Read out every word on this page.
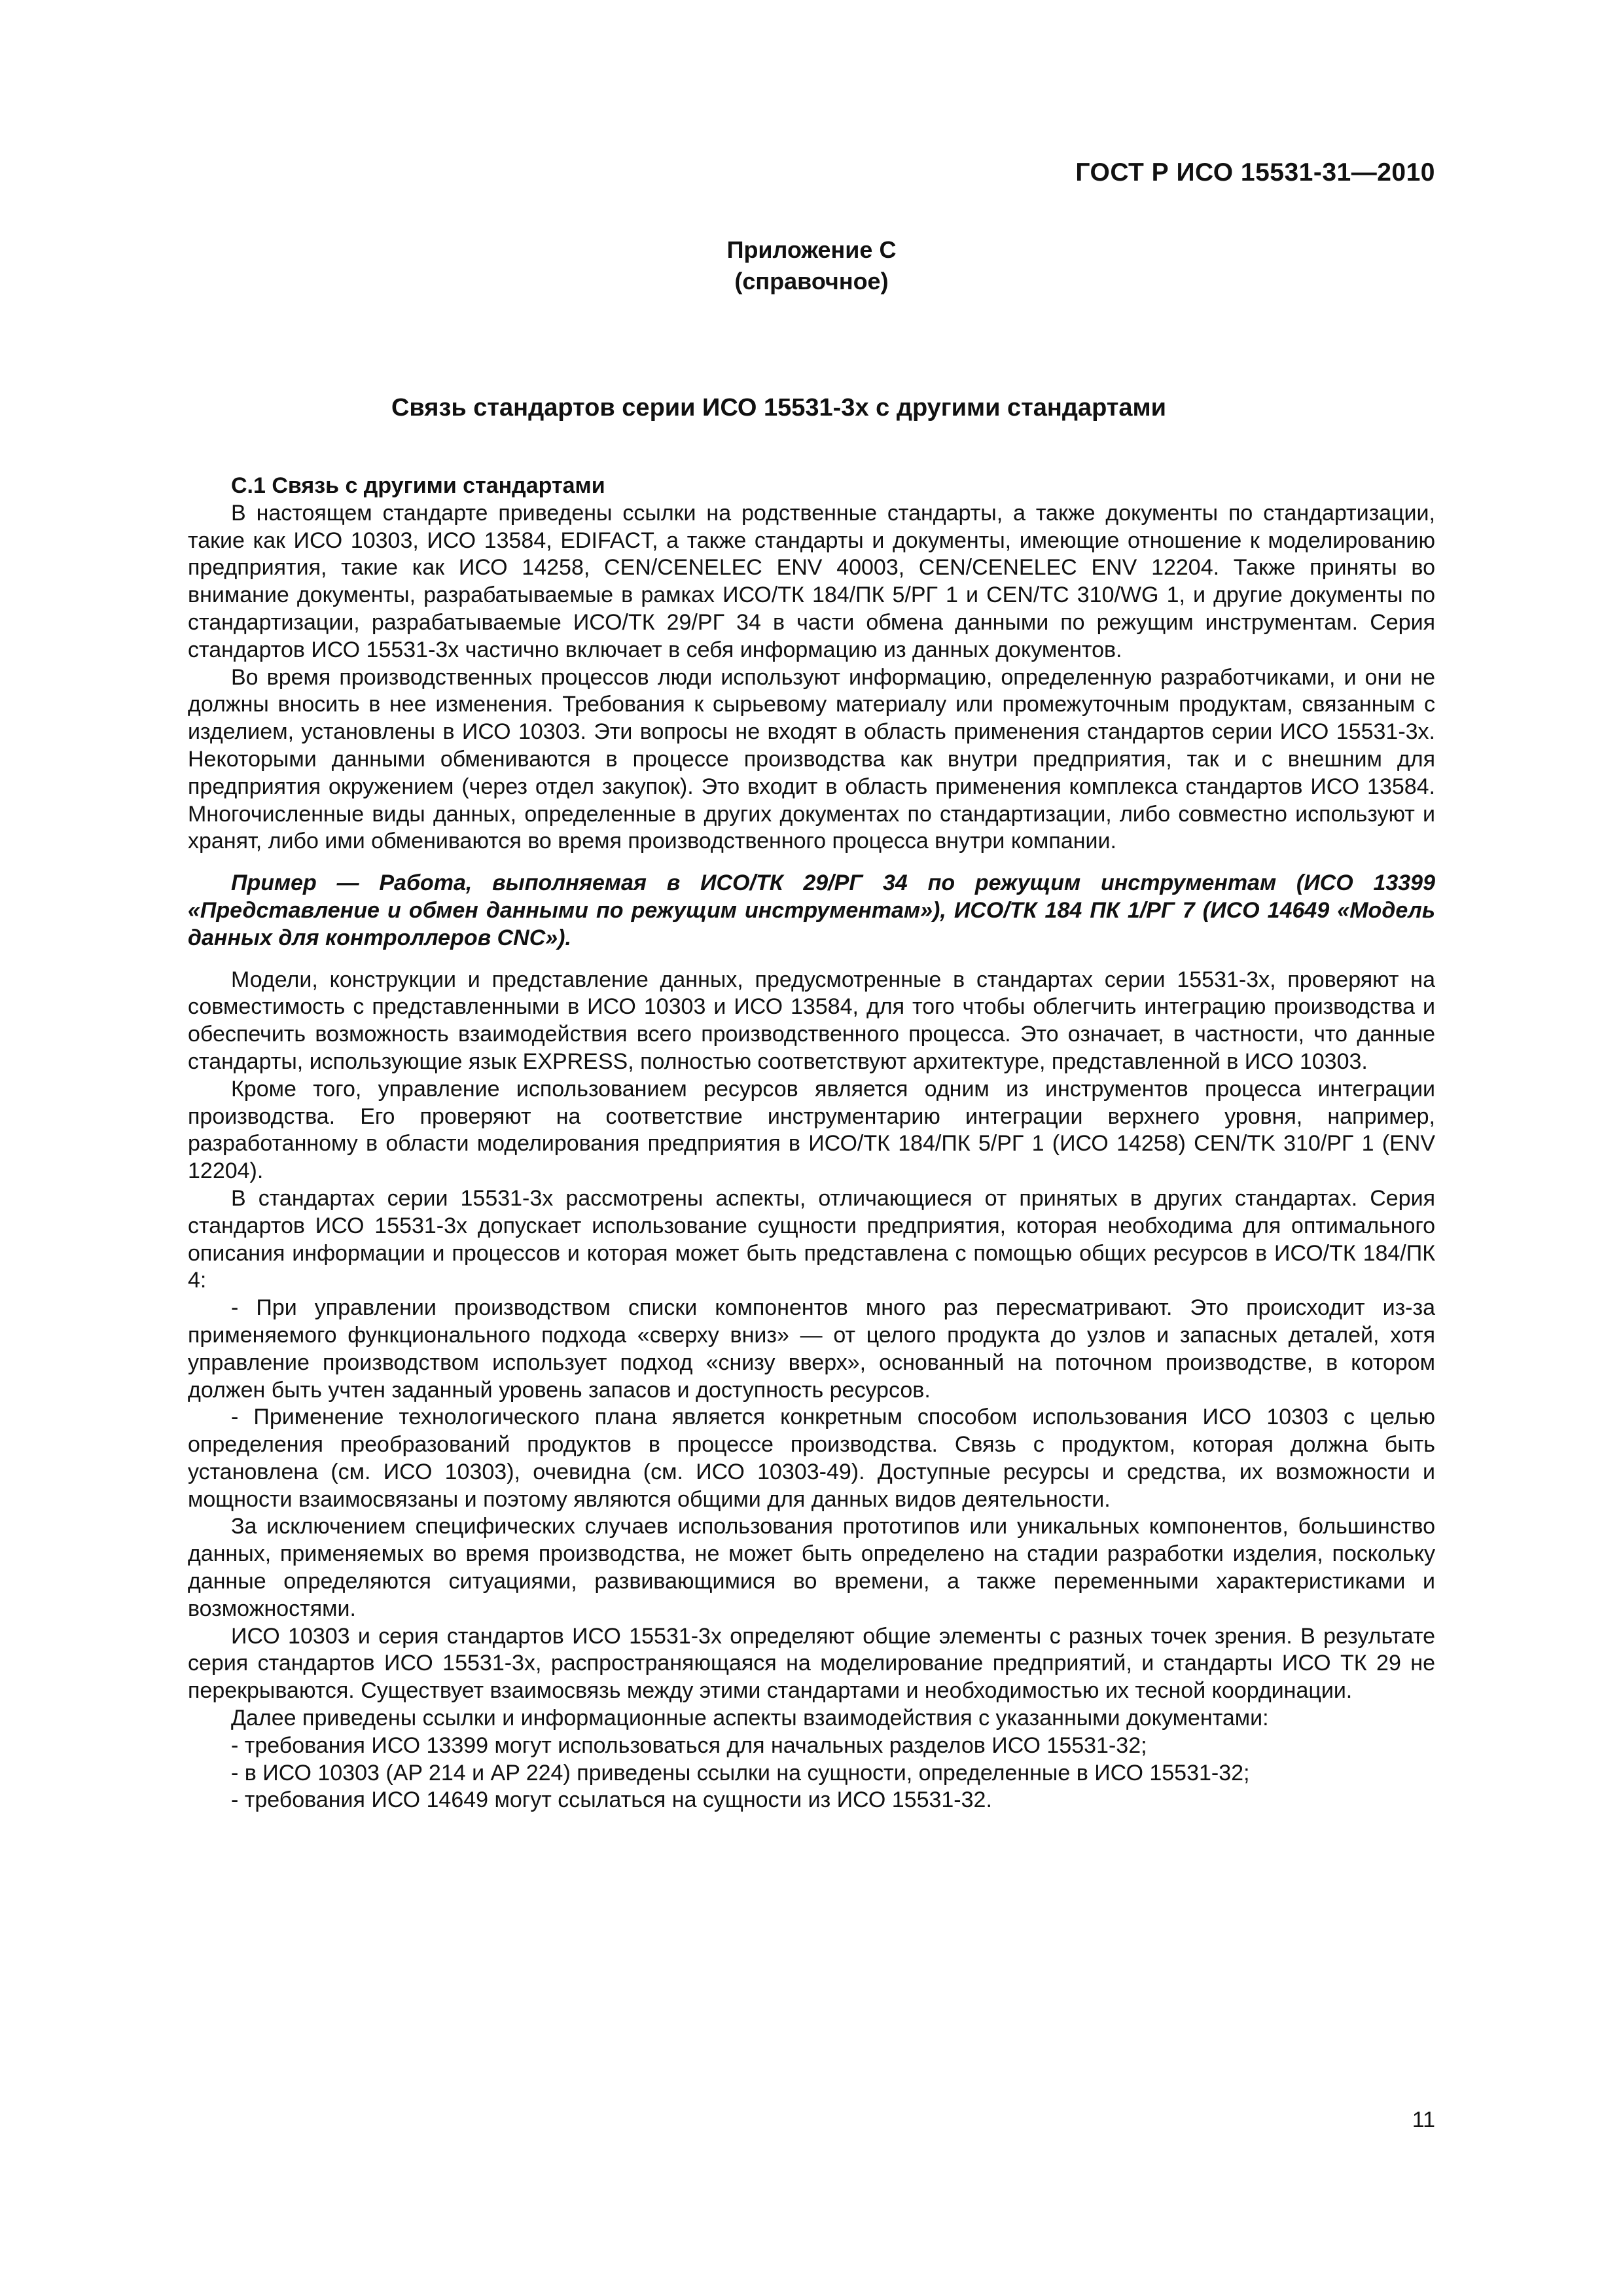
ГОСТ Р ИСО 15531-31—2010
Приложение С
(справочное)
Связь стандартов серии ИСО 15531-3х с другими стандартами

С.1 Связь с другими стандартами

В настоящем стандарте приведены ссылки на родственные стандарты, а также документы по стандартизации, такие как ИСО 10303, ИСО 13584, EDIFACT, а также стандарты и документы, имеющие отношение к моделированию предприятия, такие как ИСО 14258, CEN/CENELEC ENV 40003, CEN/CENELEC ENV 12204. Также приняты во внимание документы, разрабатываемые в рамках ИСО/ТК 184/ПК 5/РГ 1 и CEN/TC 310/WG 1, и другие документы по стандартизации, разрабатываемые ИСО/ТК 29/РГ 34 в части обмена данными по режущим инструментам. Серия стандартов ИСО 15531-3х частично включает в себя информацию из данных документов.

Во время производственных процессов люди используют информацию, определенную разработчиками, и они не должны вносить в нее изменения. Требования к сырьевому материалу или промежуточным продуктам, связанным с изделием, установлены в ИСО 10303. Эти вопросы не входят в область применения стандартов серии ИСО 15531-3х. Некоторыми данными обмениваются в процессе производства как внутри предприятия, так и с внешним для предприятия окружением (через отдел закупок). Это входит в область применения комплекса стандартов ИСО 13584. Многочисленные виды данных, определенные в других документах по стандартизации, либо совместно используют и хранят, либо ими обмениваются во время производственного процесса внутри компании.

Пример — Работа, выполняемая в ИСО/ТК 29/РГ 34 по режущим инструментам (ИСО 13399 «Представление и обмен данными по режущим инструментам»), ИСО/ТК 184 ПК 1/РГ 7 (ИСО 14649 «Модель данных для контроллеров CNC»).

Модели, конструкции и представление данных, предусмотренные в стандартах серии 15531-3х, проверяют на совместимость с представленными в ИСО 10303 и ИСО 13584, для того чтобы облегчить интеграцию производства и обеспечить возможность взаимодействия всего производственного процесса. Это означает, в частности, что данные стандарты, использующие язык EXPRESS, полностью соответствуют архитектуре, представленной в ИСО 10303.

Кроме того, управление использованием ресурсов является одним из инструментов процесса интеграции производства. Его проверяют на соответствие инструментарию интеграции верхнего уровня, например, разработанному в области моделирования предприятия в ИСО/ТК 184/ПК 5/РГ 1 (ИСО 14258) CEN/TK 310/РГ 1 (ENV 12204).

В стандартах серии 15531-3х рассмотрены аспекты, отличающиеся от принятых в других стандартах. Серия стандартов ИСО 15531-3х допускает использование сущности предприятия, которая необходима для оптимального описания информации и процессов и которая может быть представлена с помощью общих ресурсов в ИСО/ТК 184/ПК 4:

- При управлении производством списки компонентов много раз пересматривают. Это происходит из-за применяемого функционального подхода «сверху вниз» — от целого продукта до узлов и запасных деталей, хотя управление производством использует подход «снизу вверх», основанный на поточном производстве, в котором должен быть учтен заданный уровень запасов и доступность ресурсов.

- Применение технологического плана является конкретным способом использования ИСО 10303 с целью определения преобразований продуктов в процессе производства. Связь с продуктом, которая должна быть установлена (см. ИСО 10303), очевидна (см. ИСО 10303-49). Доступные ресурсы и средства, их возможности и мощности взаимосвязаны и поэтому являются общими для данных видов деятельности.

За исключением специфических случаев использования прототипов или уникальных компонентов, большинство данных, применяемых во время производства, не может быть определено на стадии разработки изделия, поскольку данные определяются ситуациями, развивающимися во времени, а также переменными характеристиками и возможностями.

ИСО 10303 и серия стандартов ИСО 15531-3х определяют общие элементы с разных точек зрения. В результате серия стандартов ИСО 15531-3х, распространяющаяся на моделирование предприятий, и стандарты ИСО ТК 29 не перекрываются. Существует взаимосвязь между этими стандартами и необходимостью их тесной координации.

Далее приведены ссылки и информационные аспекты взаимодействия с указанными документами:

- требования ИСО 13399 могут использоваться для начальных разделов ИСО 15531-32;

- в ИСО 10303 (AP 214 и AP 224) приведены ссылки на сущности, определенные в ИСО 15531-32;

- требования ИСО 14649 могут ссылаться на сущности из ИСО 15531-32.

11
